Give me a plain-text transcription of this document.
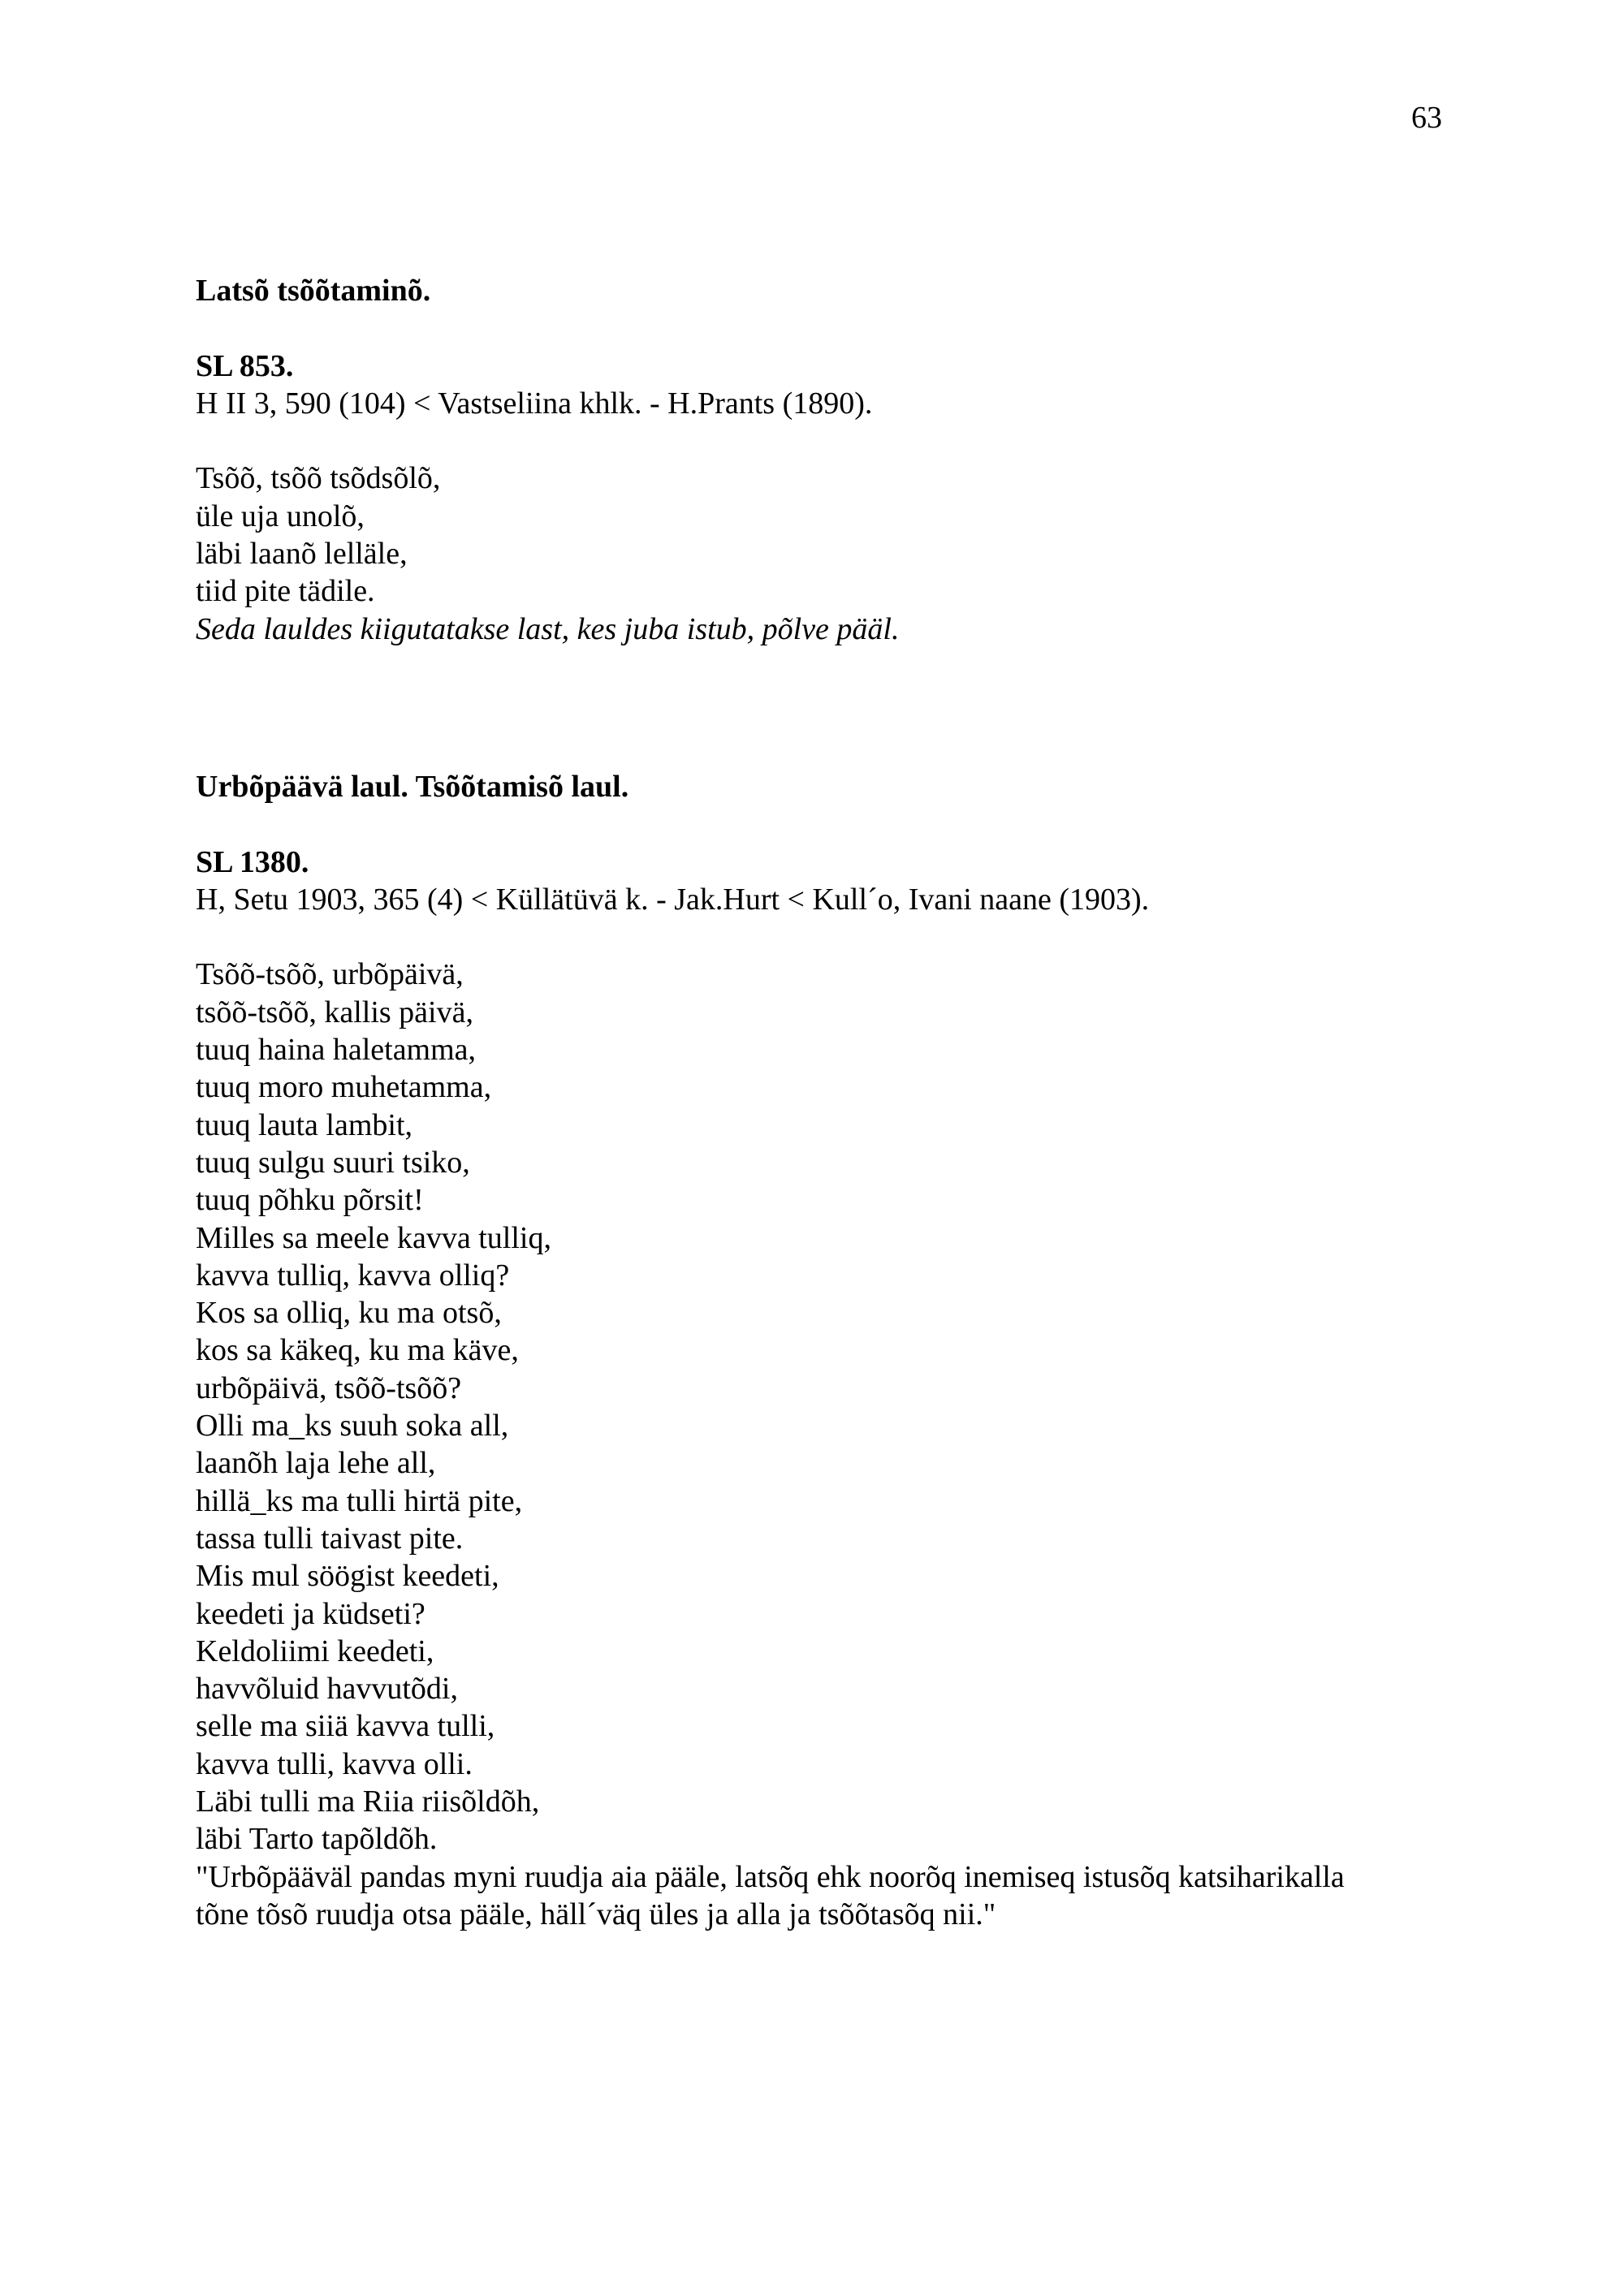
63
Latsõ tsõõtaminõ.
SL 853.
H II 3, 590 (104) < Vastseliina khlk. - H.Prants (1890).
Tsõõ, tsõõ tsõdsõlõ,
üle uja unolõ,
läbi laanõ lelläle,
tiid pite tädile.
Seda lauldes kiigutatakse last, kes juba istub, põlve pääl.
Urbõpäävä laul. Tsõõtamisõ laul.
SL 1380.
H, Setu 1903, 365 (4) < Küllätüvä k. - Jak.Hurt < Kull´o, Ivani naane (1903).
Tsõõ-tsõõ, urbõpäivä,
tsõõ-tsõõ, kallis päivä,
tuuq haina haletamma,
tuuq moro muhetamma,
tuuq lauta lambit,
tuuq sulgu suuri tsiko,
tuuq põhku põrsit!
Milles sa meele kavva tulliq,
kavva tulliq, kavva olliq?
Kos sa olliq, ku ma otsõ,
kos sa käkeq, ku ma käve,
urbõpäivä, tsõõ-tsõõ?
Olli ma_ks suuh soka all,
laanõh laja lehe all,
hillä_ks ma tulli hirtä pite,
tassa tulli taivast pite.
Mis mul söögist keedeti,
keedeti ja küdseti?
Keldoliimi keedeti,
havvõluid havvutõdi,
selle ma siiä kavva tulli,
kavva tulli, kavva olli.
Läbi tulli ma Riia riisõldõh,
läbi Tarto tapõldõh.
"Urbõpääväl pandas myni ruudja aia pääle, latsõq ehk noorõq inemiseq istusõq katsiharikalla
tõne tõsõ ruudja otsa pääle, häll´väq üles ja alla ja tsõõtasõq nii."
